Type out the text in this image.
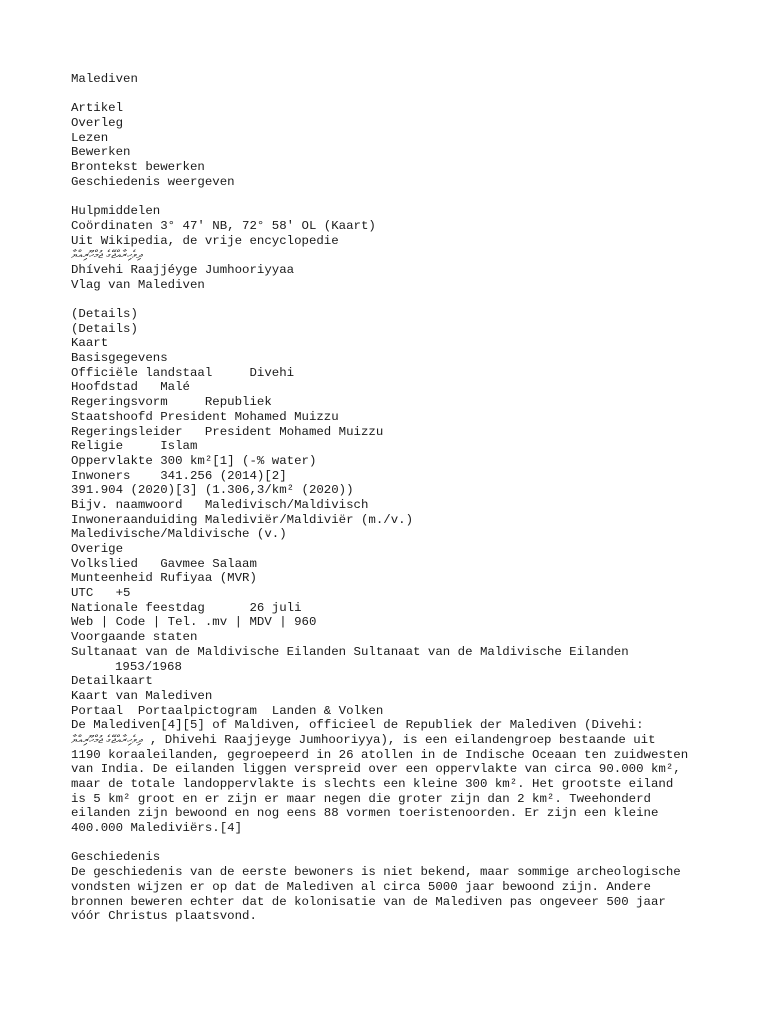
Malediven
Artikel
Overleg
Lezen
Bewerken
Brontekst bewerken
Geschiedenis weergeven
Hulpmiddelen
Coördinaten 3° 47' NB, 72° 58' OL (Kaart)
Uit Wikipedia, de vrije encyclopedie
ދިވެހިރާއްޖޭގެ ޖުމްހޫރިއްޔާ
Dhívehi Raajjéyge Jumhooriyyaa
Vlag van Malediven
(Details)
(Details)
Kaart
Basisgegevens
Officiële landstaal     Divehi
Hoofdstad   Malé
Regeringsvorm     Republiek
Staatshoofd President Mohamed Muizzu
Regeringsleider   President Mohamed Muizzu
Religie     Islam
Oppervlakte 300 km²[1] (-% water)
Inwoners    341.256 (2014)[2]
391.904 (2020)[3] (1.306,3/km² (2020))
Bijv. naamwoord   Maledivisch/Maldivisch
Inwoneraanduiding Malediviër/Maldiviër (m./v.)
Maledivische/Maldivische (v.)
Overige
Volkslied   Gavmee Salaam
Munteenheid Rufiyaa (MVR)
UTC   +5
Nationale feestdag      26 juli
Web | Code | Tel. .mv | MDV | 960
Voorgaande staten
Sultanaat van de Maldivische Eilanden Sultanaat van de Maldivische Eilanden
1953/1968
Detailkaart
Kaart van Malediven
Portaal  Portaalpictogram  Landen & Volken
De Malediven[4][5] of Maldiven, officieel de Republiek der Malediven (Divehi:
ދިވެހިރާއްޖޭގެ ޖުމްހޫރިއްޔާ , Dhivehi Raajjeyge Jumhooriyya), is een eilandengroep bestaande uit
1190 koraaleilanden, gegroepeerd in 26 atollen in de Indische Oceaan ten zuidwesten
van India. De eilanden liggen verspreid over een oppervlakte van circa 90.000 km²,
maar de totale landoppervlakte is slechts een kleine 300 km². Het grootste eiland
is 5 km² groot en er zijn er maar negen die groter zijn dan 2 km². Tweehonderd
eilanden zijn bewoond en nog eens 88 vormen toeristenoorden. Er zijn een kleine
400.000 Malediviërs.[4]
Geschiedenis
De geschiedenis van de eerste bewoners is niet bekend, maar sommige archeologische
vondsten wijzen er op dat de Malediven al circa 5000 jaar bewoond zijn. Andere
bronnen beweren echter dat de kolonisatie van de Malediven pas ongeveer 500 jaar
vóór Christus plaatsvond.
